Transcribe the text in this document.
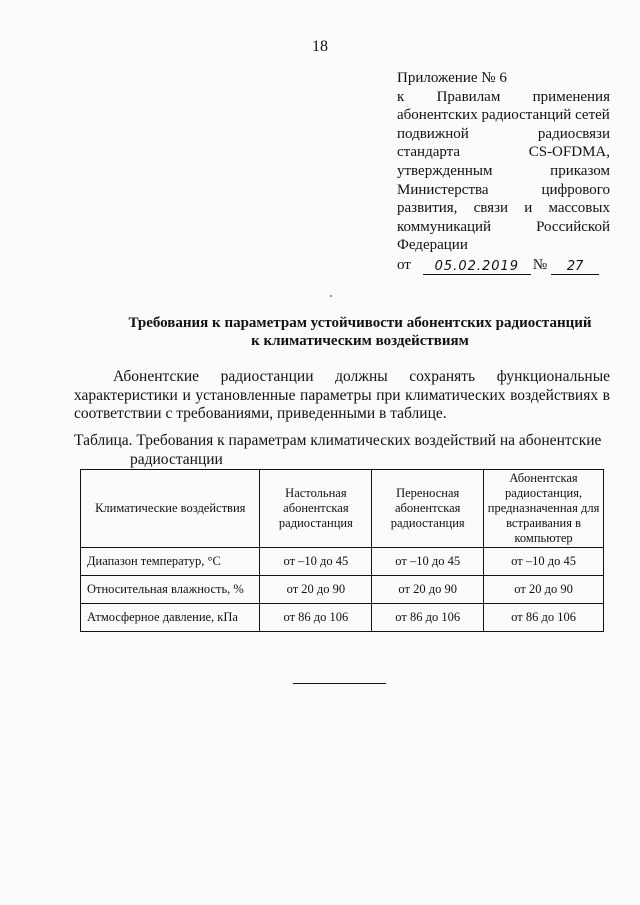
18
Приложение № 6
к Правилам применения
абонентских радиостанций сетей
подвижной	радиосвязи
стандарта	CS-OFDMA,
утвержденным	приказом
Министерства	цифрового
развития, связи и массовых
коммуникаций	Российской
Федерации
от	05.02.2019 №	27
Требования к параметрам устойчивости абонентских радиостанций
к климатическим воздействиям
Абонентские радиостанции должны сохранять функциональные характеристики и установленные параметры при климатических воздействиях в соответствии с требованиями, приведенными в таблице.
Таблица. Требования к параметрам климатических воздействий на абонентские
радиостанции
Климатические воздействия	Настольная абонентская радиостанция	Переносная абонентская радиостанция	Абонентская радиостанция, предназначенная для встраивания в компьютер
Диапазон температур, °C	от –10 до 45	от –10 до 45	от –10 до 45
Относительная влажность, %	от 20 до 90	от 20 до 90	от 20 до 90
Атмосферное давление, кПа	от 86 до 106	от 86 до 106	от 86 до 106
